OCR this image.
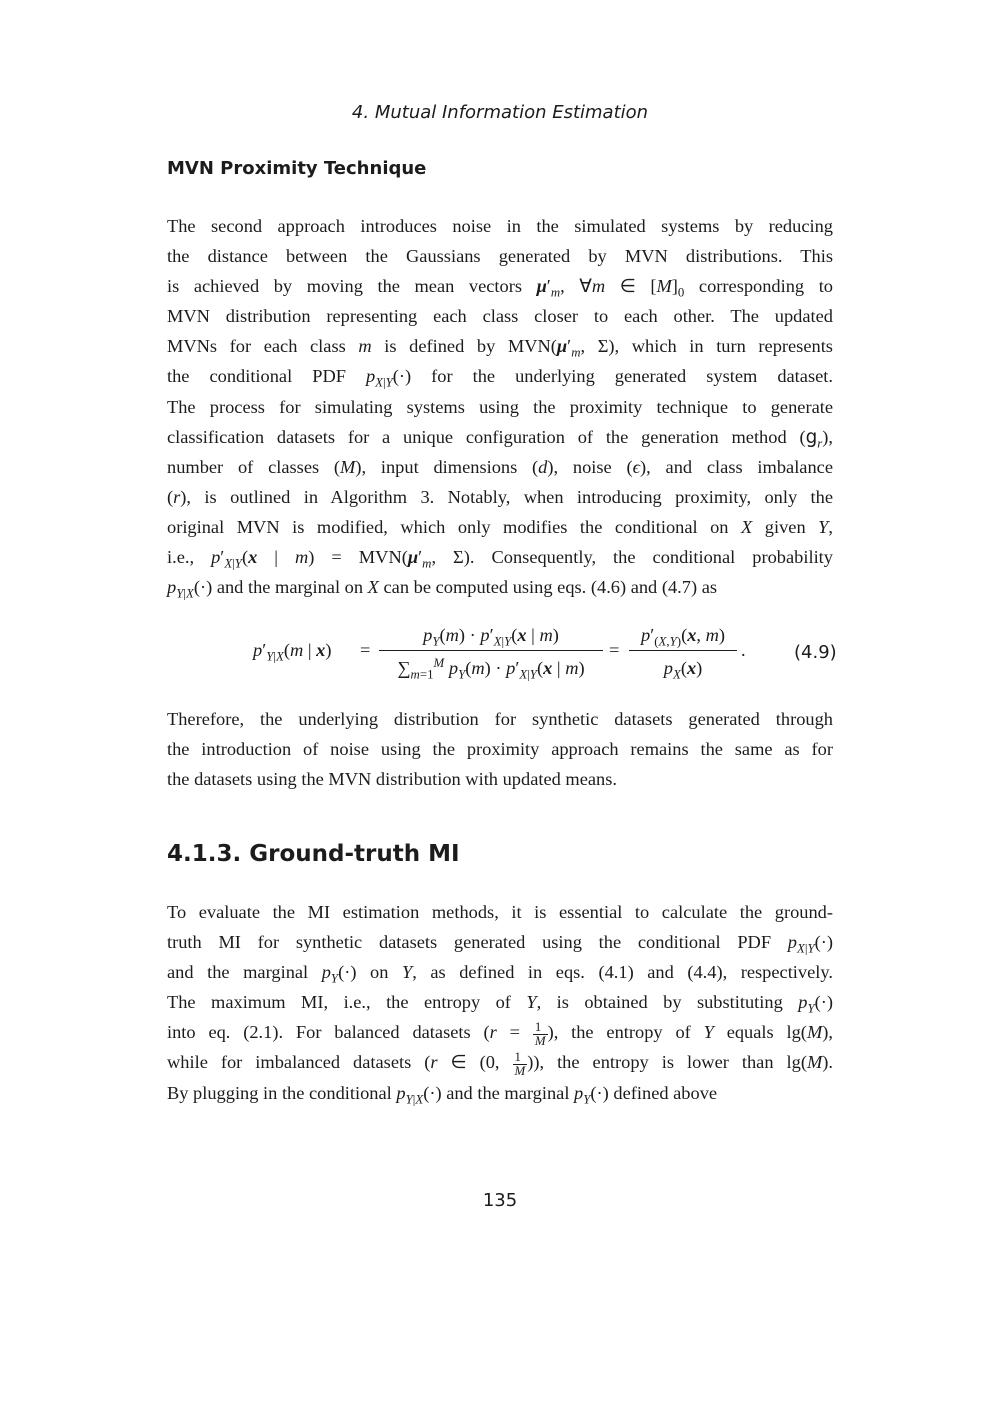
4. Mutual Information Estimation
MVN Proximity Technique
The second approach introduces noise in the simulated systems by reducing
the distance between the Gaussians generated by MVN distributions. This
is achieved by moving the mean vectors $\mu'_m$, ∀m ∈ $[M]_0$ corresponding to
MVN distribution representing each class closer to each other. The updated
MVNs for each class m is defined by $MVN(\mu'_m$, Σ), which in turn represents
the conditional PDF $p_{X|Y}(\cdot)$ for the underlying generated system dataset.
The process for simulating systems using the proximity technique to generate
classification datasets for a unique configuration of the generation method $(g_r)$,
number of classes (M), input dimensions (d), noise (ϵ), and class imbalance
(r), is outlined in Algorithm 3. Notably, when introducing proximity, only the
original MVN is modified, which only modifies the conditional on X given Y,
i.e., $p'_{X|Y}(x$ | $m) = MVN(\mu'_m$, Σ). Consequently, the conditional probability
$p_{Y|X}(\cdot)$ and the marginal on X can be computed using eqs. (4.6) and (4.7) as
$p'_{Y|X}(m$ | x) =
$p_Y(m) \cdot p'_{X|Y}(x$ | m)
$\sum_{m=1}^M$ $p_Y(m) \cdot p'_{X|Y}(x$ | m)
=
$p'_{(X,Y)}(x$, m)
$p_X(x)$
.	(4.9)
Therefore, the underlying distribution for synthetic datasets generated through
the introduction of noise using the proximity approach remains the same as for
the datasets using the MVN distribution with updated means.
4.1.3. Ground-truth MI
To evaluate the MI estimation methods, it is essential to calculate the ground-
truth MI for synthetic datasets generated using the conditional PDF $p_{X|Y}(\cdot)$
and the marginal $p_Y(\cdot)$ on Y, as defined in eqs. (4.1) and (4.4), respectively.
The maximum MI, i.e., the entropy of Y, is obtained by substituting $p_Y(\cdot)$
into eq. (2.1). For balanced datasets ($r = \frac{1}{M}$ ), the entropy of Y equals lg(M),
while for imbalanced datasets (r ∈ (0, $\frac{1}{M}$ )), the entropy is lower than lg(M).
By plugging in the conditional $p_{Y|X}(\cdot)$ and the marginal $p_Y(\cdot)$ defined above
135
